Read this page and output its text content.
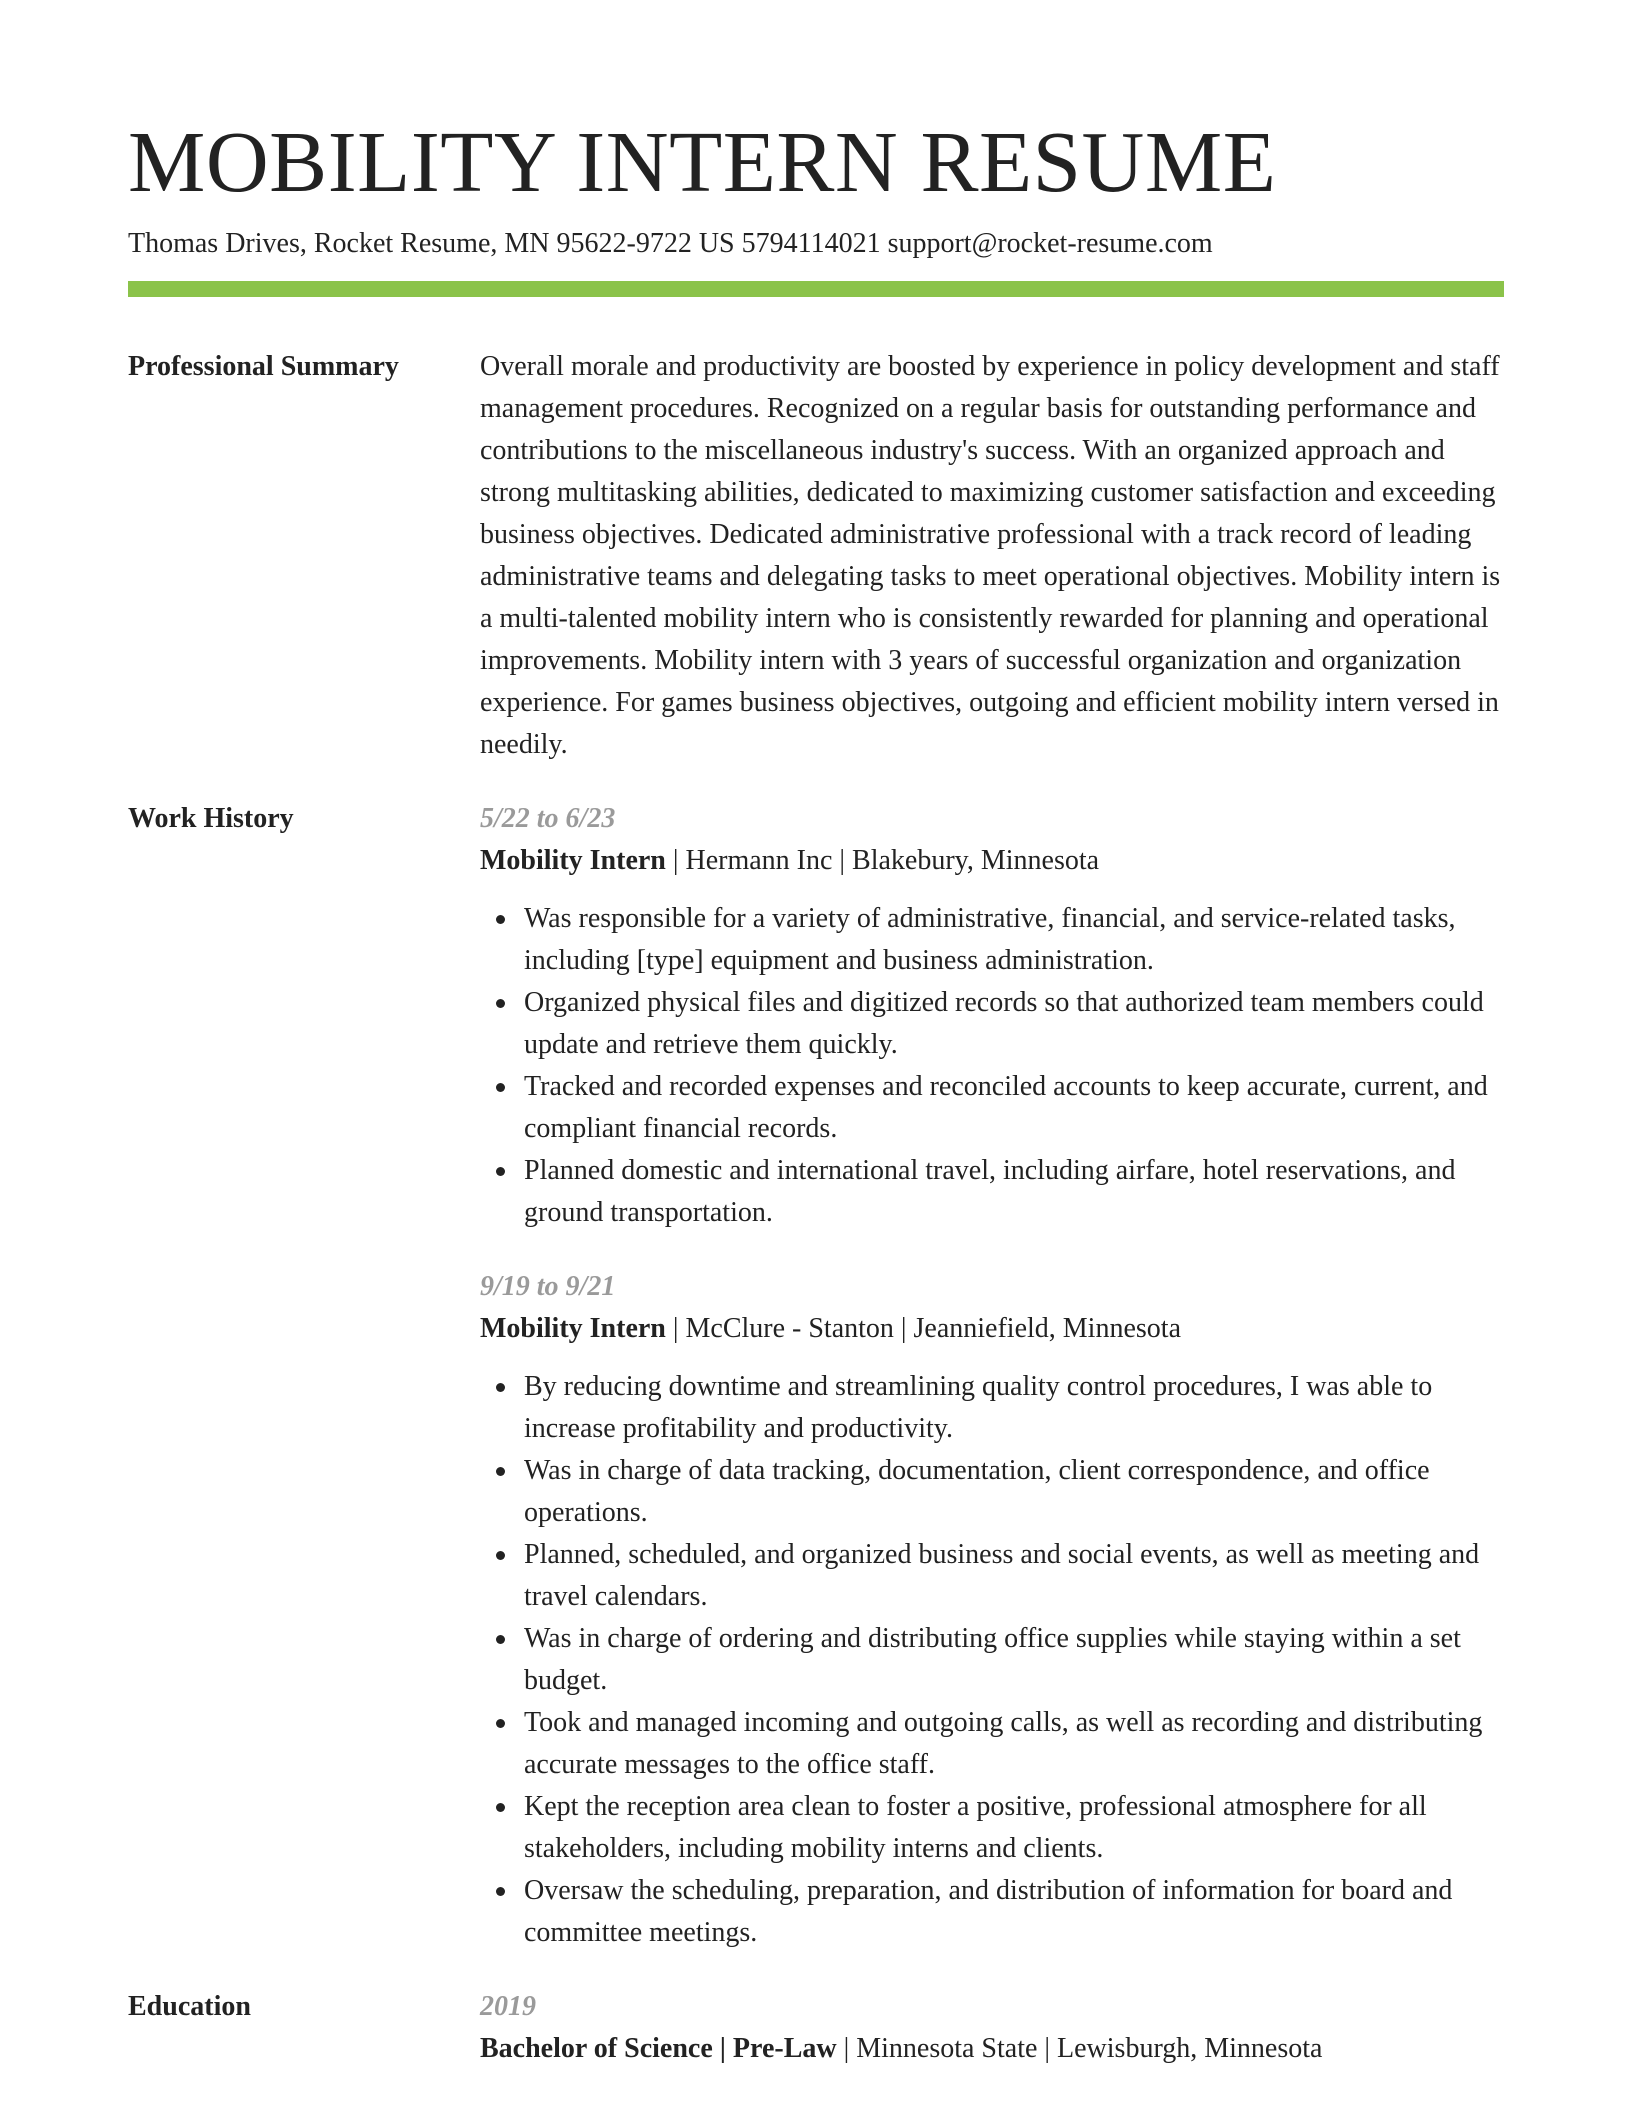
MOBILITY INTERN RESUME
Thomas Drives, Rocket Resume, MN 95622-9722 US 5794114021 support@rocket-resume.com
Professional Summary	Overall morale and productivity are boosted by experience in policy development and staff management procedures. Recognized on a regular basis for outstanding performance and contributions to the miscellaneous industry's success. With an organized approach and strong multitasking abilities, dedicated to maximizing customer satisfaction and exceeding business objectives. Dedicated administrative professional with a track record of leading administrative teams and delegating tasks to meet operational objectives. Mobility intern is a multi-talented mobility intern who is consistently rewarded for planning and operational improvements. Mobility intern with 3 years of successful organization and organization experience. For games business objectives, outgoing and efficient mobility intern versed in needily.
Work History	5/22 to 6/23
Mobility Intern | Hermann Inc | Blakebury, Minnesota
Was responsible for a variety of administrative, financial, and service-related tasks, including [type] equipment and business administration.
Organized physical files and digitized records so that authorized team members could update and retrieve them quickly.
Tracked and recorded expenses and reconciled accounts to keep accurate, current, and compliant financial records.
Planned domestic and international travel, including airfare, hotel reservations, and ground transportation.
9/19 to 9/21
Mobility Intern | McClure - Stanton | Jeanniefield, Minnesota
By reducing downtime and streamlining quality control procedures, I was able to increase profitability and productivity.
Was in charge of data tracking, documentation, client correspondence, and office operations.
Planned, scheduled, and organized business and social events, as well as meeting and travel calendars.
Was in charge of ordering and distributing office supplies while staying within a set budget.
Took and managed incoming and outgoing calls, as well as recording and distributing accurate messages to the office staff.
Kept the reception area clean to foster a positive, professional atmosphere for all stakeholders, including mobility interns and clients.
Oversaw the scheduling, preparation, and distribution of information for board and committee meetings.
Education	2019
Bachelor of Science | Pre-Law | Minnesota State | Lewisburgh, Minnesota
